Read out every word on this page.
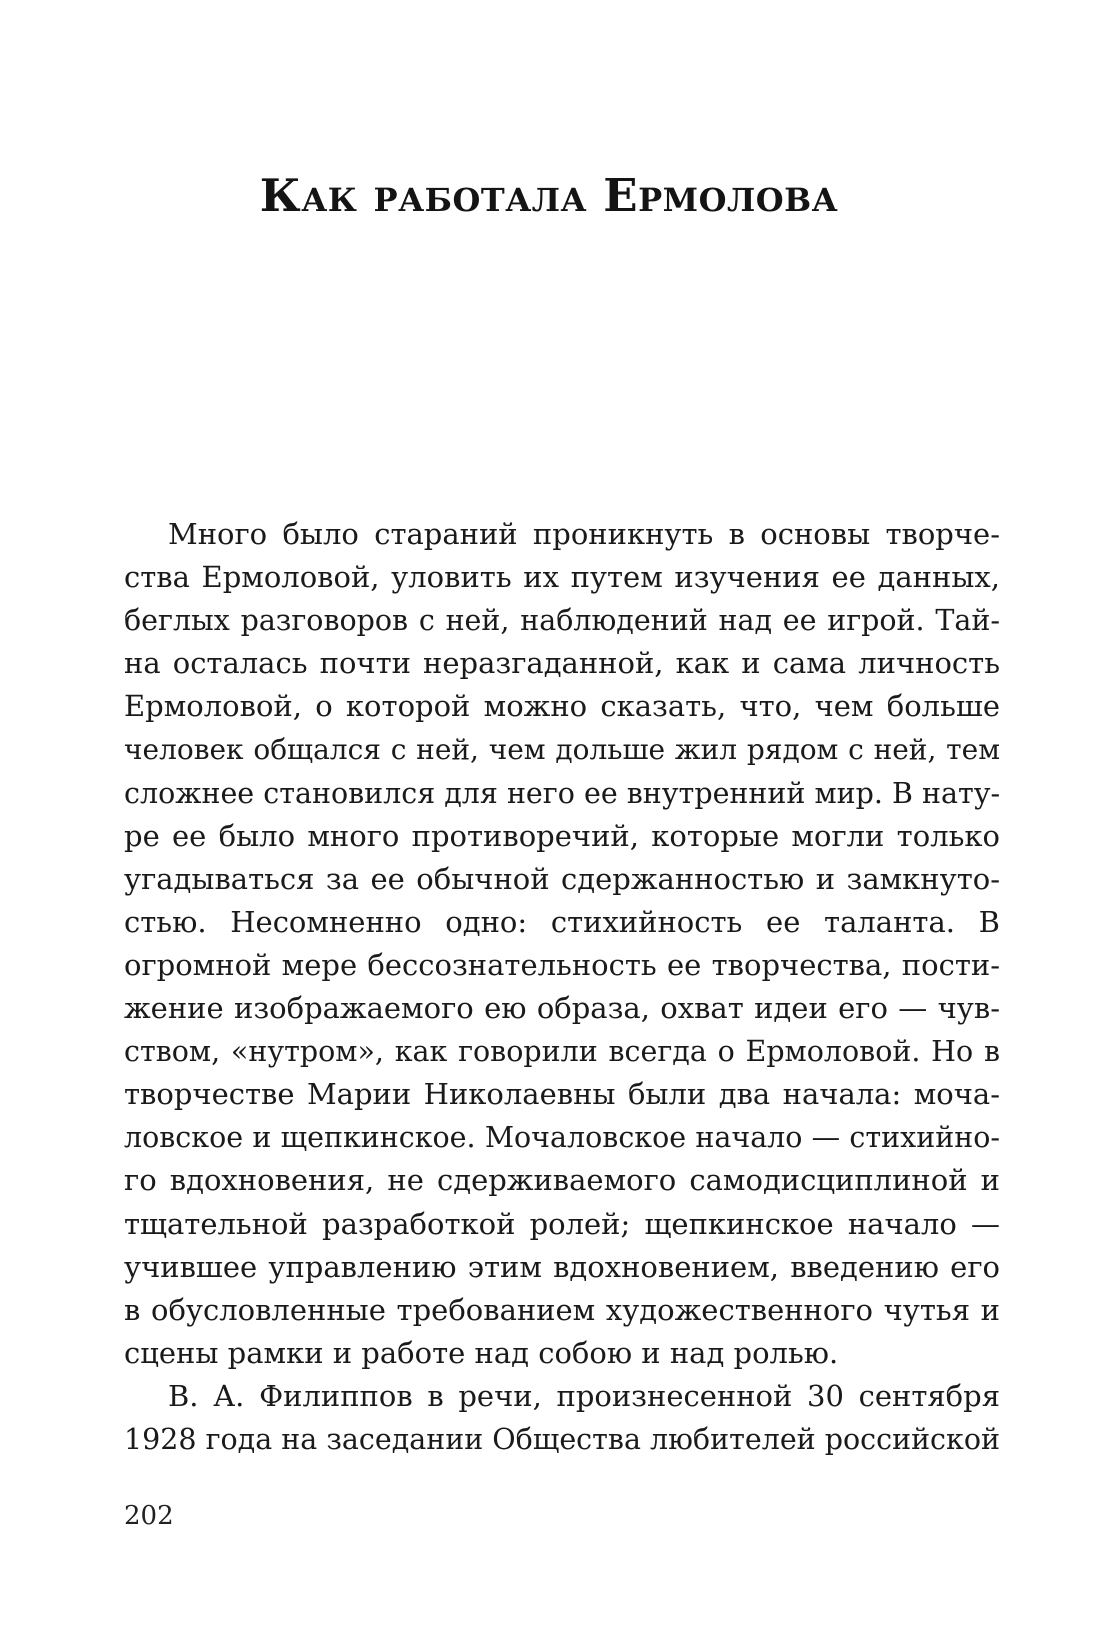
Как работала Ермолова
Много было стараний проникнуть в основы творче-
ства Ермоловой, уловить их путем изучения ее данных,
беглых разговоров с ней, наблюдений над ее игрой. Тай-
на осталась почти неразгаданной, как и сама личность
Ермоловой, о которой можно сказать, что, чем больше
человек общался с ней, чем дольше жил рядом с ней, тем
сложнее становился для него ее внутренний мир. В нату-
ре ее было много противоречий, которые могли только
угадываться за ее обычной сдержанностью и замкнуто-
стью. Несомненно одно: стихийность ее таланта. В
огромной мере бессознательность ее творчества, пости-
жение изображаемого ею образа, охват идеи его — чув-
ством, «нутром», как говорили всегда о Ермоловой. Но в
творчестве Марии Николаевны были два начала: моча-
ловское и щепкинское. Мочаловское начало — стихийно-
го вдохновения, не сдерживаемого самодисциплиной и
тщательной разработкой ролей; щепкинское начало —
учившее управлению этим вдохновением, введению его
в обусловленные требованием художественного чутья и
сцены рамки и работе над собою и над ролью.
В. А. Филиппов в речи, произнесенной 30 сентября
1928 года на заседании Общества любителей российской
202
